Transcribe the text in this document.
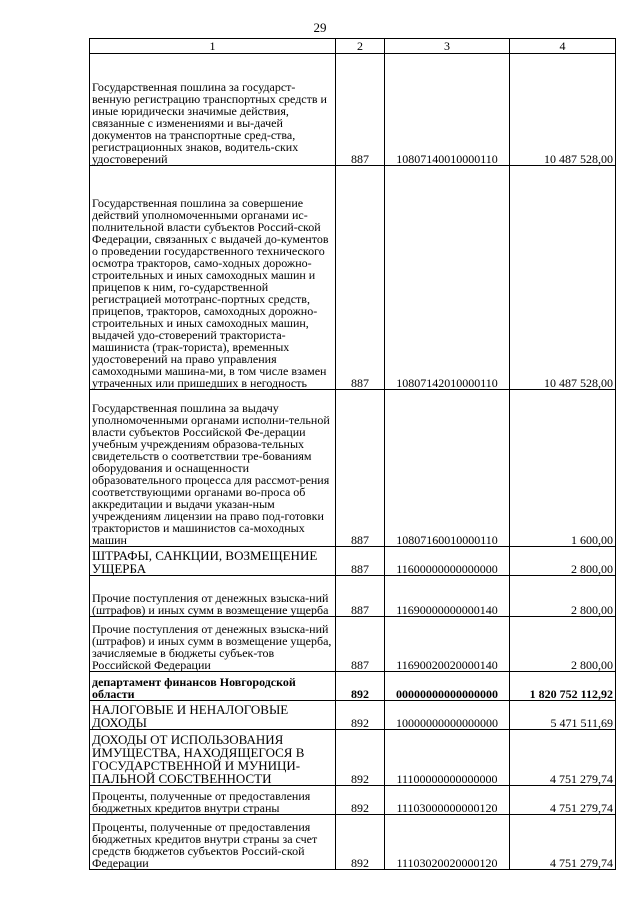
29
1	2	3	4
Государственная пошлина за государст-венную регистрацию транспортных средств и иные юридически значимые действия, связанные с изменениями и вы-дачей документов на транспортные сред-ства, регистрационных знаков, водитель-ских удостоверений	887	10807140010000110	10 487 528,00
Государственная пошлина за совершение действий уполномоченными органами ис-полнительной власти субъектов Россий-ской Федерации, связанных с выдачей до-кументов о проведении государственного технического осмотра тракторов, само-ходных дорожно-строительных и иных самоходных машин и прицепов к ним, го-сударственной регистрацией мототранс-портных средств, прицепов, тракторов, самоходных дорожно-строительных и иных самоходных машин, выдачей удо-стоверений тракториста-машиниста (трак-ториста), временных удостоверений на право управления самоходными машина-ми, в том числе взамен утраченных или пришедших в негодность	887	10807142010000110	10 487 528,00
Государственная пошлина за выдачу уполномоченными органами исполни-тельной власти субъектов Российской Фе-дерации учебным учреждениям образова-тельных свидетельств о соответствии тре-бованиям оборудования и оснащенности образовательного процесса для рассмот-рения соответствующими органами во-проса об аккредитации и выдачи указан-ным учреждениям лицензии на право под-готовки трактористов и машинистов са-моходных машин	887	10807160010000110	1 600,00
ШТРАФЫ, САНКЦИИ, ВОЗМЕЩЕНИЕ УЩЕРБА	887	11600000000000000	2 800,00
Прочие поступления от денежных взыска-ний (штрафов) и иных сумм в возмещение ущерба	887	11690000000000140	2 800,00
Прочие поступления от денежных взыска-ний (штрафов) и иных сумм в возмещение ущерба, зачисляемые в бюджеты субъек-тов Российской Федерации	887	11690020020000140	2 800,00
департамент финансов Новгородской области	892	00000000000000000	1 820 752 112,92
НАЛОГОВЫЕ И НЕНАЛОГОВЫЕ ДОХОДЫ	892	10000000000000000	5 471 511,69
ДОХОДЫ ОТ ИСПОЛЬЗОВАНИЯ ИМУЩЕСТВА, НАХОДЯЩЕГОСЯ В ГОСУДАРСТВЕННОЙ И МУНИЦИ-ПАЛЬНОЙ СОБСТВЕННОСТИ	892	11100000000000000	4 751 279,74
Проценты, полученные от предоставления бюджетных кредитов внутри страны	892	11103000000000120	4 751 279,74
Проценты, полученные от предоставления бюджетных кредитов внутри страны за счет средств бюджетов субъектов Россий-ской Федерации	892	11103020020000120	4 751 279,74
